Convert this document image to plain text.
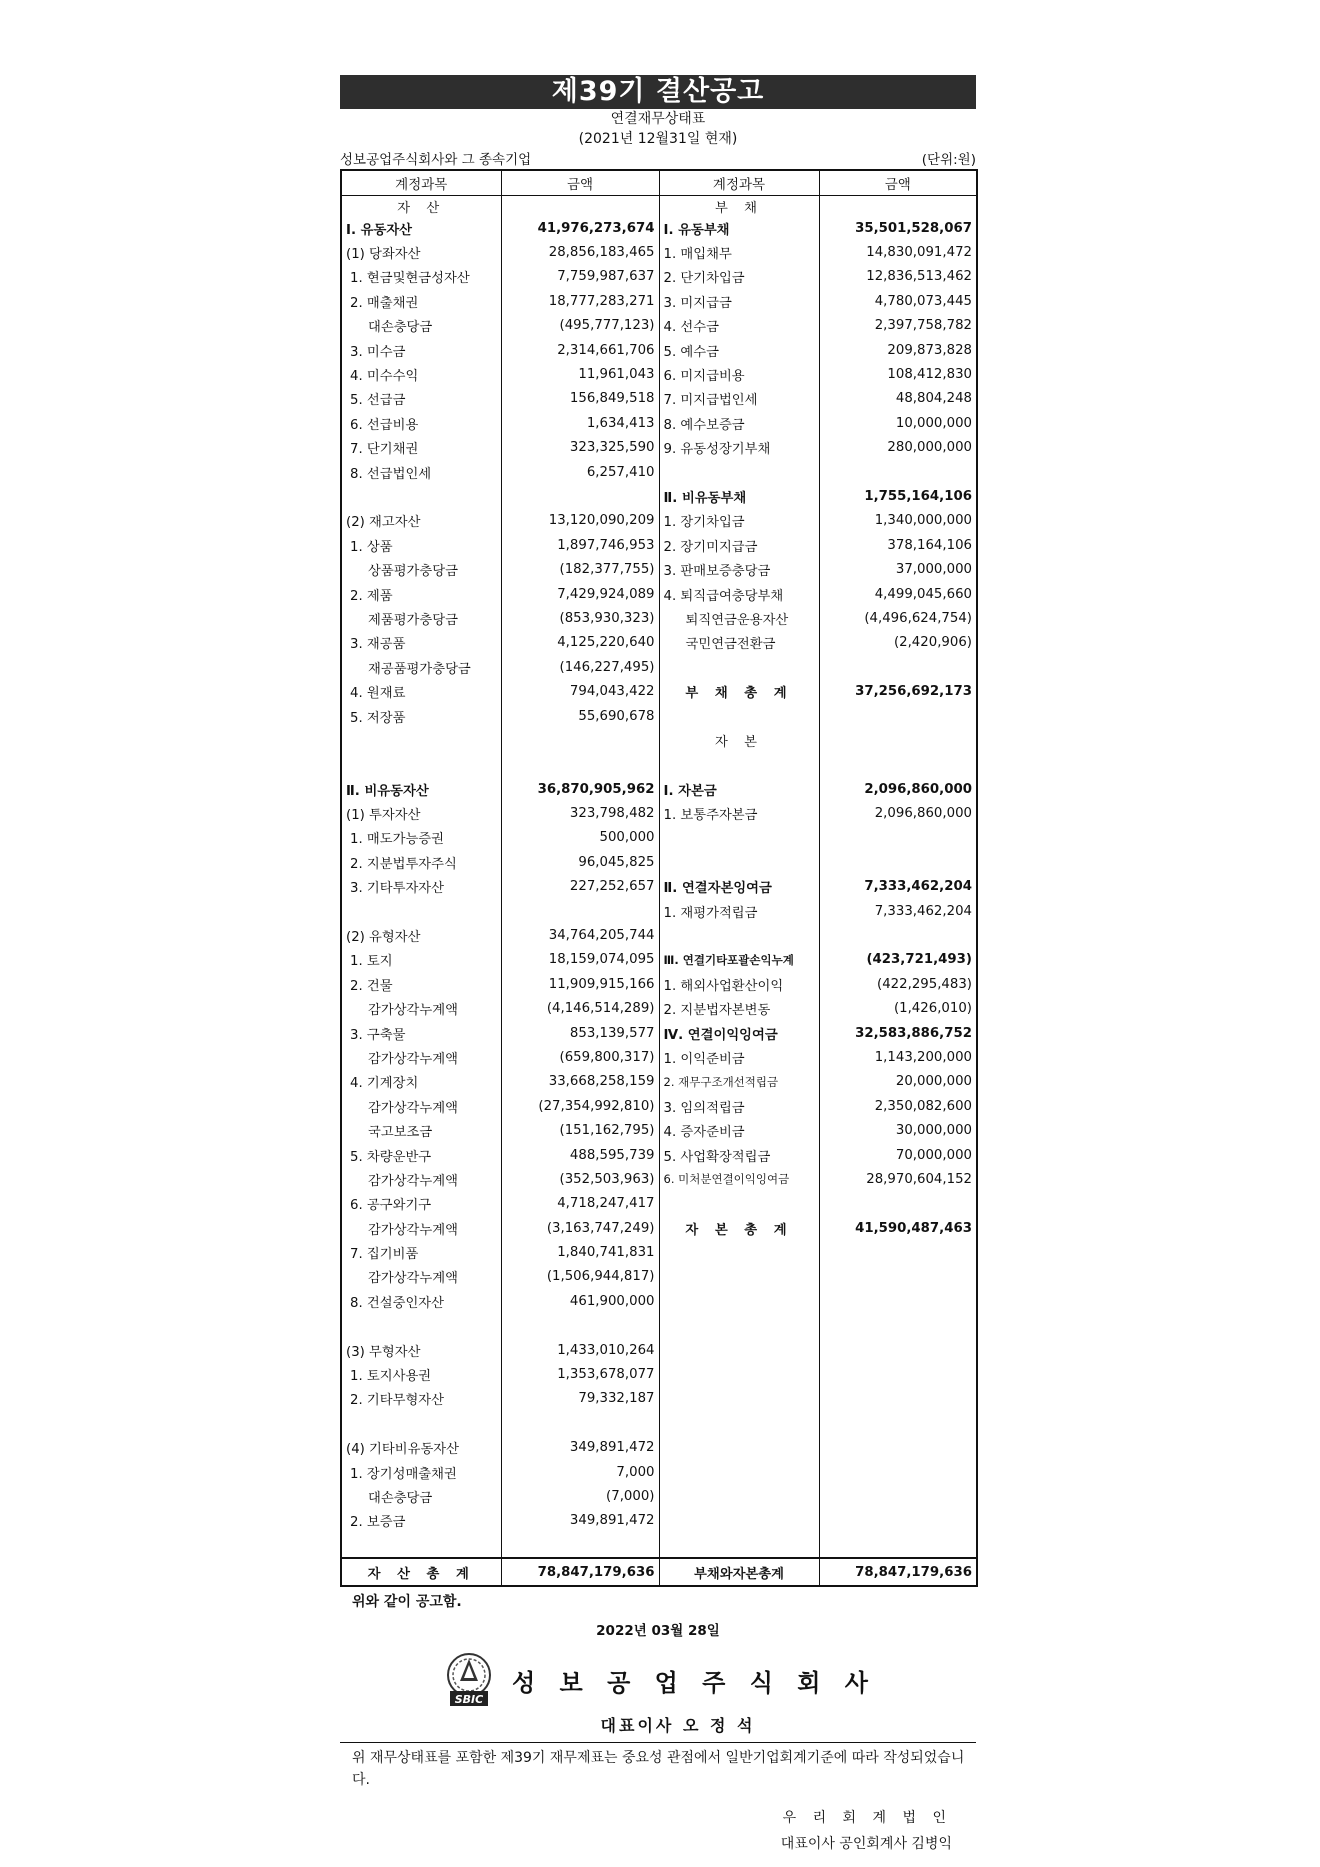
제39기 결산공고
연결재무상태표
(2021년 12월31일 현재)
성보공업주식회사와 그 종속기업	(단위:원)
계정과목	금액	계정과목	금액
자 산		부 채	
Ⅰ. 유동자산	41,976,273,674	Ⅰ. 유동부채	35,501,528,067
(1) 당좌자산	28,856,183,465	1. 매입채무	14,830,091,472
1. 현금및현금성자산	7,759,987,637	2. 단기차입금	12,836,513,462
2. 매출채권	18,777,283,271	3. 미지급금	4,780,073,445
대손충당금	(495,777,123)	4. 선수금	2,397,758,782
3. 미수금	2,314,661,706	5. 예수금	209,873,828
4. 미수수익	11,961,043	6. 미지급비용	108,412,830
5. 선급금	156,849,518	7. 미지급법인세	48,804,248
6. 선급비용	1,634,413	8. 예수보증금	10,000,000
7. 단기채권	323,325,590	9. 유동성장기부채	280,000,000
8. 선급법인세	6,257,410		
		Ⅱ. 비유동부채	1,755,164,106
(2) 재고자산	13,120,090,209	1. 장기차입금	1,340,000,000
1. 상품	1,897,746,953	2. 장기미지급금	378,164,106
상품평가충당금	(182,377,755)	3. 판매보증충당금	37,000,000
2. 제품	7,429,924,089	4. 퇴직급여충당부채	4,499,045,660
제품평가충당금	(853,930,323)	퇴직연금운용자산	(4,496,624,754)
3. 재공품	4,125,220,640	국민연금전환금	(2,420,906)
재공품평가충당금	(146,227,495)		
4. 원재료	794,043,422	부 채 총 계	37,256,692,173
5. 저장품	55,690,678		
		자 본	

Ⅱ. 비유동자산	36,870,905,962	Ⅰ. 자본금	2,096,860,000
(1) 투자자산	323,798,482	1. 보통주자본금	2,096,860,000
1. 매도가능증권	500,000		
2. 지분법투자주식	96,045,825		
3. 기타투자자산	227,252,657	Ⅱ. 연결자본잉여금	7,333,462,204
		1. 재평가적립금	7,333,462,204
(2) 유형자산	34,764,205,744		
1. 토지	18,159,074,095	Ⅲ. 연결기타포괄손익누계	(423,721,493)
2. 건물	11,909,915,166	1. 해외사업환산이익	(422,295,483)
감가상각누계액	(4,146,514,289)	2. 지분법자본변동	(1,426,010)
3. 구축물	853,139,577	Ⅳ. 연결이익잉여금	32,583,886,752
감가상각누계액	(659,800,317)	1. 이익준비금	1,143,200,000
4. 기계장치	33,668,258,159	2. 재무구조개선적립금	20,000,000
감가상각누계액	(27,354,992,810)	3. 임의적립금	2,350,082,600
국고보조금	(151,162,795)	4. 증자준비금	30,000,000
5. 차량운반구	488,595,739	5. 사업확장적립금	70,000,000
감가상각누계액	(352,503,963)	6. 미처분연결이익잉여금	28,970,604,152
6. 공구와기구	4,718,247,417		
감가상각누계액	(3,163,747,249)	자 본 총 계	41,590,487,463
7. 집기비품	1,840,741,831		
감가상각누계액	(1,506,944,817)		
8. 건설중인자산	461,900,000		

(3) 무형자산	1,433,010,264		
1. 토지사용권	1,353,678,077		
2. 기타무형자산	79,332,187		

(4) 기타비유동자산	349,891,472		
1. 장기성매출채권	7,000		
대손충당금	(7,000)		
2. 보증금	349,891,472		

자 산 총 계	78,847,179,636	부채와자본총계	78,847,179,636
위와 같이 공고함.
2022년 03월 28일
SBIC
성 보 공 업 주 식 회 사
대표이사 오 정 석
위 재무상태표를 포함한 제39기 재무제표는 중요성 관점에서 일반기업회계기준에 따라 작성되었습니다.
우 리 회 계 법 인
대표이사 공인회계사 김병익
